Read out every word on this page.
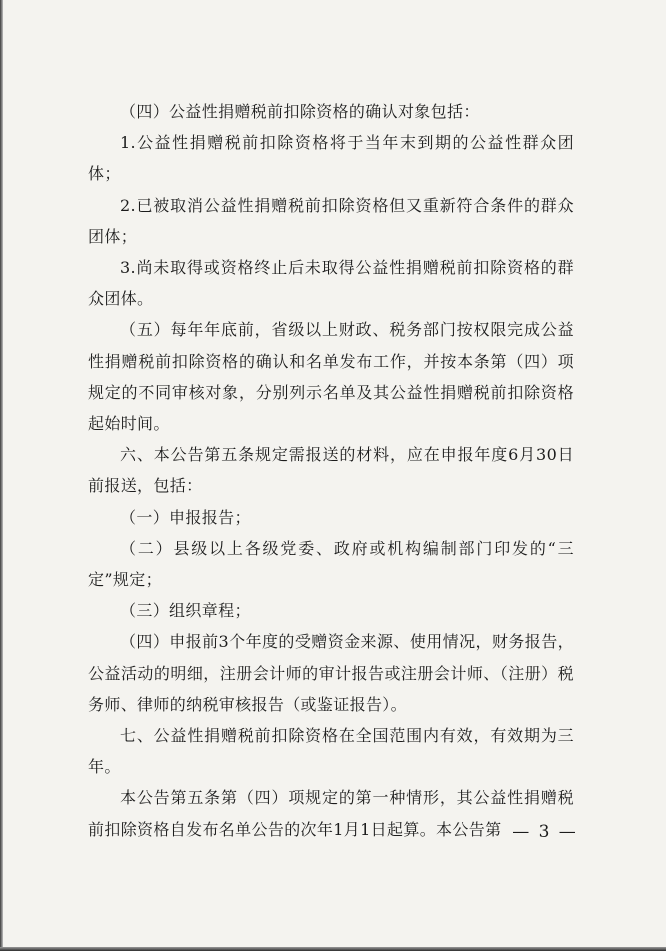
（四）公益性捐赠税前扣除资格的确认对象包括：

1.公益性捐赠税前扣除资格将于当年末到期的公益性群众团体；

2.已被取消公益性捐赠税前扣除资格但又重新符合条件的群众团体；

3.尚未取得或资格终止后未取得公益性捐赠税前扣除资格的群众团体。

（五）每年年底前，省级以上财政、税务部门按权限完成公益性捐赠税前扣除资格的确认和名单发布工作，并按本条第（四）项规定的不同审核对象，分别列示名单及其公益性捐赠税前扣除资格起始时间。

六、本公告第五条规定需报送的材料，应在申报年度6月30日前报送，包括：

（一）申报报告；

（二）县级以上各级党委、政府或机构编制部门印发的“三定”规定；

（三）组织章程；

（四）申报前3个年度的受赠资金来源、使用情况，财务报告，公益活动的明细，注册会计师的审计报告或注册会计师、（注册）税务师、律师的纳税审核报告（或鉴证报告）。

七、公益性捐赠税前扣除资格在全国范围内有效，有效期为三年。

本公告第五条第（四）项规定的第一种情形，其公益性捐赠税前扣除资格自发布名单公告的次年1月1日起算。本公告第 — 3 —
